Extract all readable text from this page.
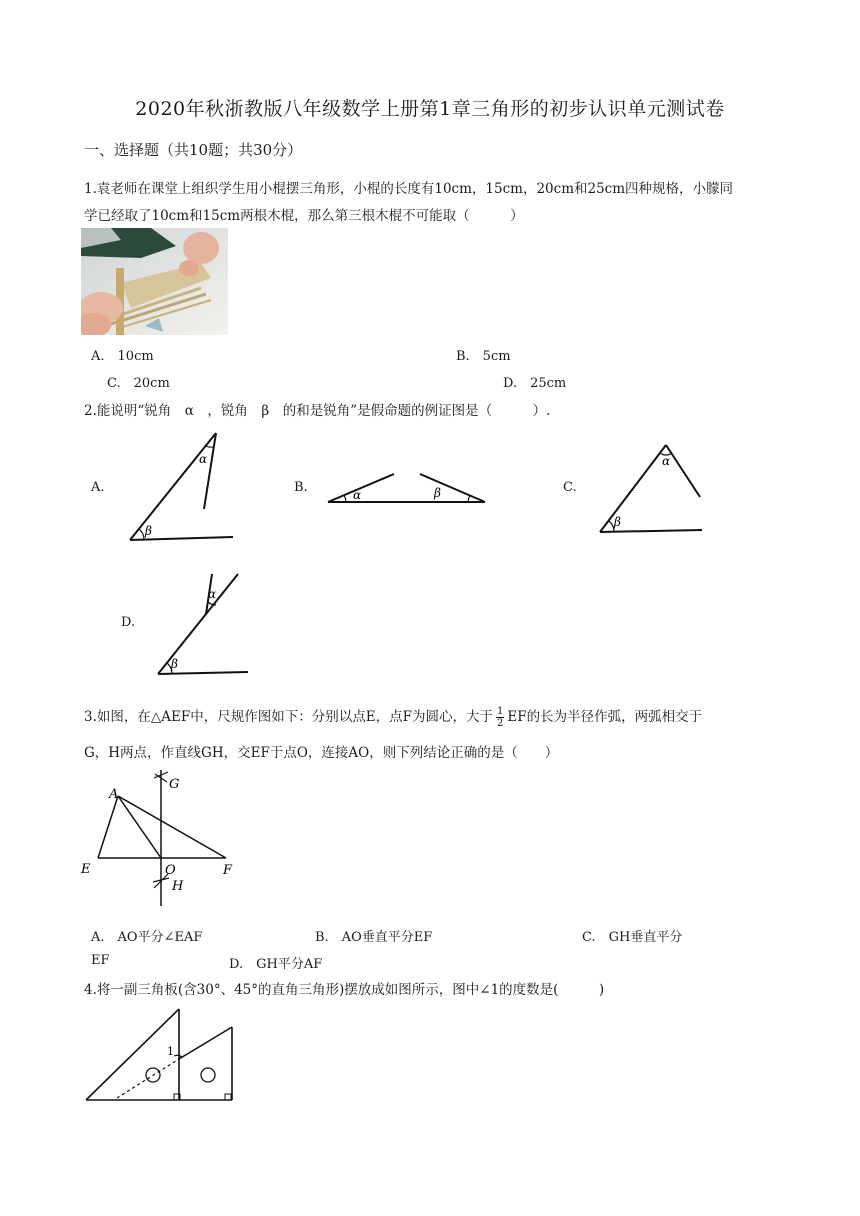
2020年秋浙教版八年级数学上册第1章三角形的初步认识单元测试卷
一、选择题（共10题；共30分）
1.袁老师在课堂上组织学生用小棍摆三角形，小棍的长度有10cm，15cm，20cm和25cm四种规格，小朦同
学已经取了10cm和15cm两根木棍，那么第三根木棍不可能取（　　　）
A.　10cm	B.　5cm
C.　20cm	D.　25cm
2.能说明“锐角　α　，锐角　β　的和是锐角”是假命题的例证图是（　　　）.
A.	B.	C.
D.
α
β
α	β
α
β
α
β
3.如图，在△AEF中，尺规作图如下：分别以点E，点F为圆心，大于 $\frac{1}{2}$ EF的长为半径作弧，两弧相交于
G，H两点，作直线GH，交EF于点O，连接AO，则下列结论正确的是（　　）
A
E	O	F
G
H
A.　AO平分∠EAF	B.　AO垂直平分EF	C.　GH垂直平分
EF	D.　GH平分AF
4.将一副三角板(含30°、45°的直角三角形)摆放成如图所示，图中∠1的度数是(　　　)
1
